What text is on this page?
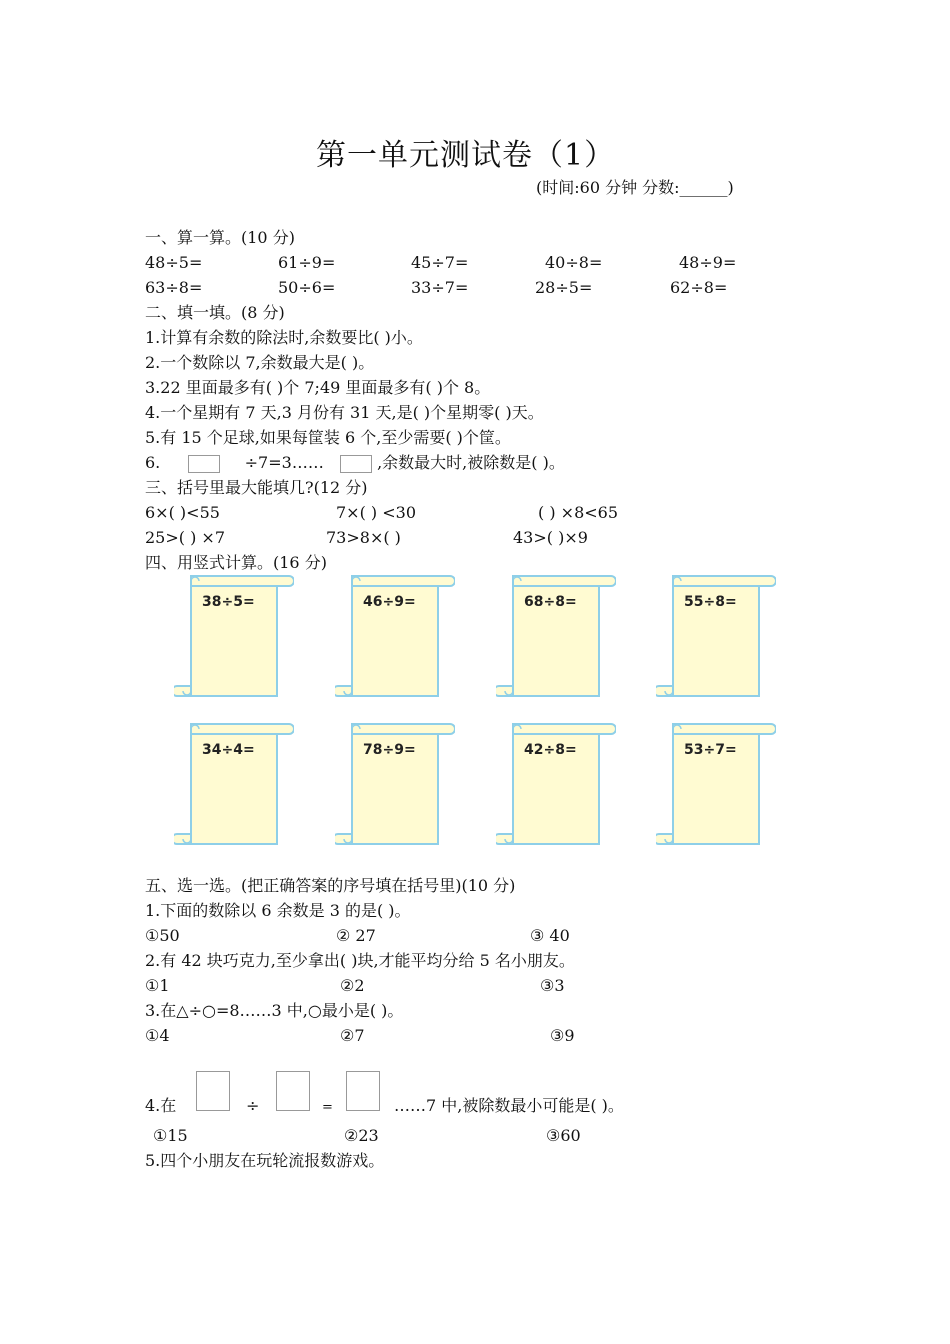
第一单元测试卷（1）
(时间:60 分钟 分数:______)
一、算一算。(10 分)
48÷5=	61÷9=	45÷7=	40÷8=	48÷9=
63÷8=	50÷6=	33÷7=	28÷5=	62÷8=
二、填一填。(8 分)
1.计算有余数的除法时,余数要比( )小。
2.一个数除以 7,余数最大是( )。
3.22 里面最多有( )个 7;49 里面最多有( )个 8。
4.一个星期有 7 天,3 月份有 31 天,是( )个星期零( )天。
5.有 15 个足球,如果每筐装 6 个,至少需要( )个筐。
6.	÷7=3……	,余数最大时,被除数是( )。
三、括号里最大能填几?(12 分)
6×( )<55	7×( ) <30	( ) ×8<65
25>( ) ×7	73>8×( )	43>( )×9
四、用竖式计算。(16 分)
38÷5=	46÷9=	68÷8=	55÷8=
34÷4=	78÷9=	42÷8=	53÷7=
五、选一选。(把正确答案的序号填在括号里)(10 分)
1.下面的数除以 6 余数是 3 的是( )。
①50	② 27	③ 40
2.有 42 块巧克力,至少拿出( )块,才能平均分给 5 名小朋友。
①1	②2	③3
3.在△÷○=8……3 中,○最小是( )。
①4	②7	③9
4.在	÷	=	……7 中,被除数最小可能是( )。
①15	②23	③60
5.四个小朋友在玩轮流报数游戏。
